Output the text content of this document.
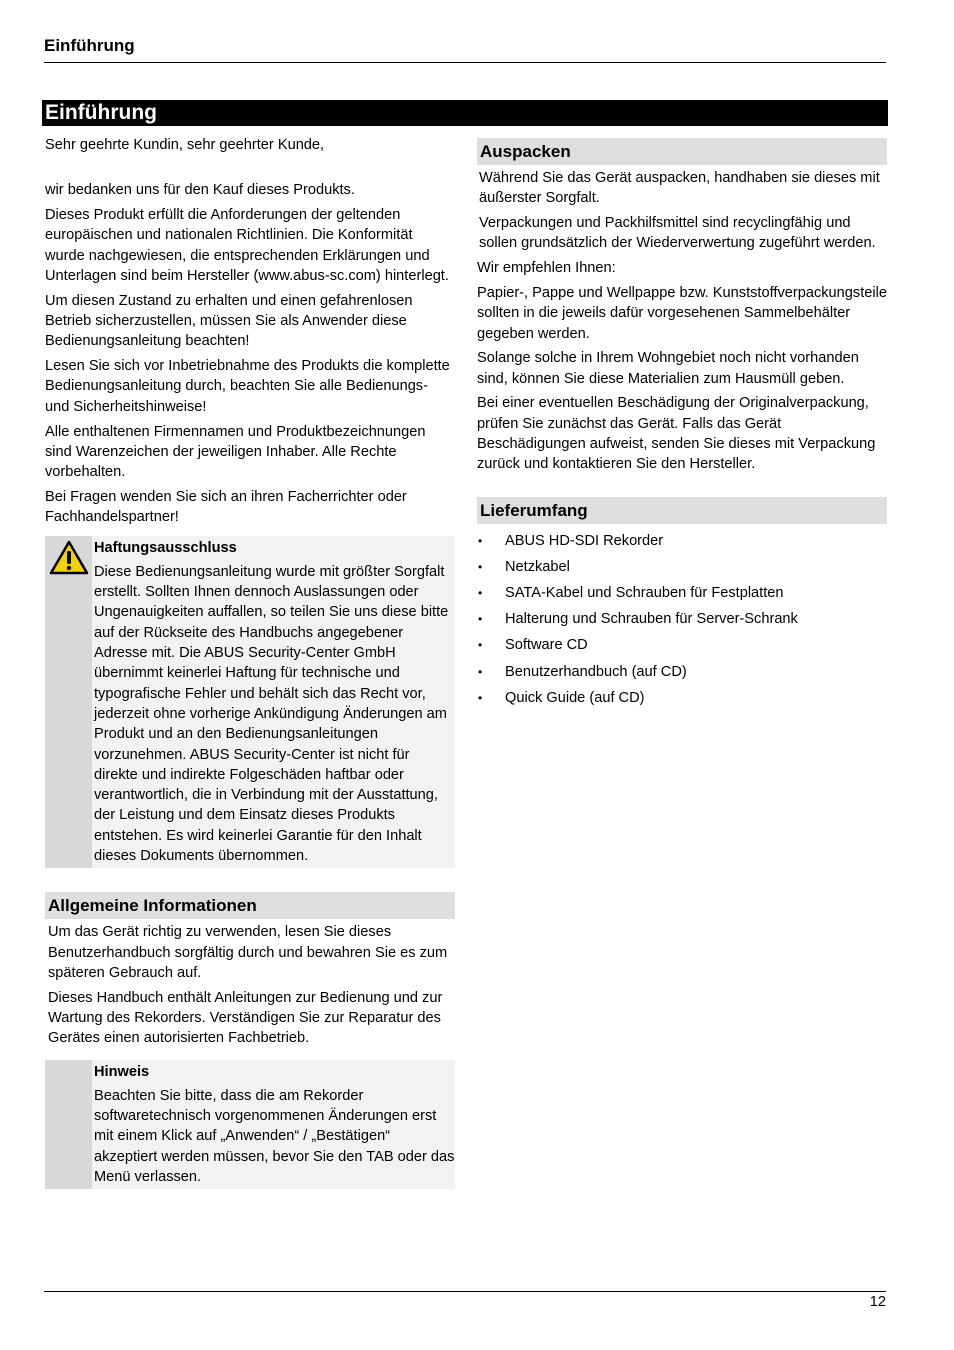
Einführung
Einführung

Sehr geehrte Kundin, sehr geehrter Kunde,

wir bedanken uns für den Kauf dieses Produkts.

Dieses Produkt erfüllt die Anforderungen der geltenden europäischen und nationalen Richtlinien. Die Konformität wurde nachgewiesen, die entsprechenden Erklärungen und Unterlagen sind beim Hersteller (www.abus-sc.com) hinterlegt.

Um diesen Zustand zu erhalten und einen gefahrenlosen Betrieb sicherzustellen, müssen Sie als Anwender diese Bedienungsanleitung beachten!

Lesen Sie sich vor Inbetriebnahme des Produkts die komplette Bedienungsanleitung durch, beachten Sie alle Bedienungs- und Sicherheitshinweise!

Alle enthaltenen Firmennamen und Produktbezeichnungen sind Warenzeichen der jeweiligen Inhaber. Alle Rechte vorbehalten.

Bei Fragen wenden Sie sich an ihren Facherrichter oder Fachhandelspartner!

Haftungsausschluss

Diese Bedienungsanleitung wurde mit größter Sorgfalt erstellt. Sollten Ihnen dennoch Auslassungen oder Ungenauigkeiten auffallen, so teilen Sie uns diese bitte auf der Rückseite des Handbuchs angegebener Adresse mit. Die ABUS Security-Center GmbH übernimmt keinerlei Haftung für technische und typografische Fehler und behält sich das Recht vor, jederzeit ohne vorherige Ankündigung Änderungen am Produkt und an den Bedienungsanleitungen vorzunehmen. ABUS Security-Center ist nicht für direkte und indirekte Folgeschäden haftbar oder verantwortlich, die in Verbindung mit der Ausstattung, der Leistung und dem Einsatz dieses Produkts entstehen. Es wird keinerlei Garantie für den Inhalt dieses Dokuments übernommen.

Allgemeine Informationen

Um das Gerät richtig zu verwenden, lesen Sie dieses Benutzerhandbuch sorgfältig durch und bewahren Sie es zum späteren Gebrauch auf.

Dieses Handbuch enthält Anleitungen zur Bedienung und zur Wartung des Rekorders. Verständigen Sie zur Reparatur des Gerätes einen autorisierten Fachbetrieb.

Hinweis

Beachten Sie bitte, dass die am Rekorder softwaretechnisch vorgenommenen Änderungen erst mit einem Klick auf „Anwenden“ / „Bestätigen“ akzeptiert werden müssen, bevor Sie den TAB oder das Menü verlassen.

Auspacken

Während Sie das Gerät auspacken, handhaben sie dieses mit äußerster Sorgfalt.

Verpackungen und Packhilfsmittel sind recyclingfähig und sollen grundsätzlich der Wiederverwertung zugeführt werden.

Wir empfehlen Ihnen:

Papier-, Pappe und Wellpappe bzw. Kunststoffverpackungsteile sollten in die jeweils dafür vorgesehenen Sammelbehälter gegeben werden.

Solange solche in Ihrem Wohngebiet noch nicht vorhanden sind, können Sie diese Materialien zum Hausmüll geben.

Bei einer eventuellen Beschädigung der Originalverpackung, prüfen Sie zunächst das Gerät. Falls das Gerät Beschädigungen aufweist, senden Sie dieses mit Verpackung zurück und kontaktieren Sie den Hersteller.

Lieferumfang
•	ABUS HD-SDI Rekorder
•	Netzkabel
•	SATA-Kabel und Schrauben für Festplatten
•	Halterung und Schrauben für Server-Schrank
•	Software CD
•	Benutzerhandbuch (auf CD)
•	Quick Guide (auf CD)
12
